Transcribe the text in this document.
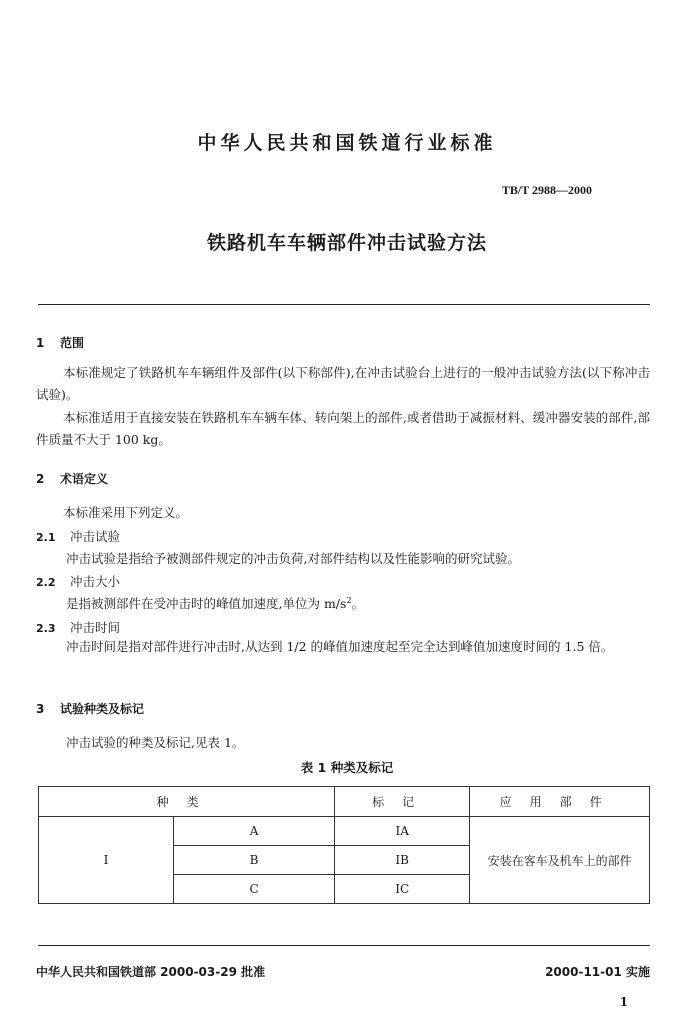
中华人民共和国铁道行业标准
TB/T 2988—2000
铁路机车车辆部件冲击试验方法
1 范围
本标准规定了铁路机车车辆组件及部件(以下称部件),在冲击试验台上进行的一般冲击试验方法(以下称冲击试验)。
本标准适用于直接安装在铁路机车车辆车体、转向架上的部件,或者借助于减振材料、缓冲器安装的部件,部件质量不大于 100 kg。
2 术语定义
本标准采用下列定义。
2.1 冲击试验
冲击试验是指给予被测部件规定的冲击负荷,对部件结构以及性能影响的研究试验。
2.2 冲击大小
是指被测部件在受冲击时的峰值加速度,单位为 $m/s^2$。
2.3 冲击时间
冲击时间是指对部件进行冲击时,从达到 1/2 的峰值加速度起至完全达到峰值加速度时间的 1.5 倍。
3 试验种类及标记
冲击试验的种类及标记,见表 1。
表 1 种类及标记
种类		标记	应用部件
I	A	IA	安装在客车及机车上的部件
	B	IB	
	C	IC	
中华人民共和国铁道部 2000-03-29 批准	2000-11-01 实施
1
